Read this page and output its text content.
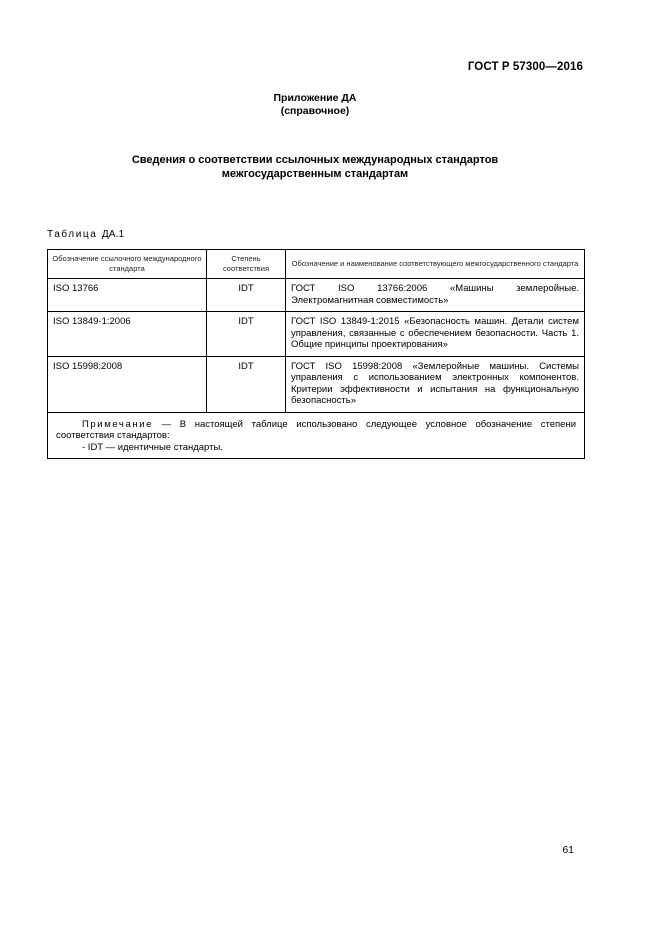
ГОСТ Р 57300—2016
Приложение ДА
(справочное)
Сведения о соответствии ссылочных международных стандартов
межгосударственным стандартам
Таблица ДА.1
Обозначение ссылочного международного стандарта	Степень соответствия	Обозначение и наименование соответствующего межгосударственного стандарта
ISO 13766	IDT	ГОСТ ISO 13766:2006 «Машины землеройные. Электромагнитная совместимость»
ISO 13849-1:2006	IDT	ГОСТ ISO 13849-1:2015 «Безопасность машин. Детали систем управления, связанные с обеспечением безопасности. Часть 1. Общие принципы проектирования»
ISO 15998:2008	IDT	ГОСТ ISO 15998:2008 «Землеройные машины. Системы управления с использованием электронных компонентов. Критерии эффективности и испытания на функциональную безопасность»
Примечание — В настоящей таблице использовано следующее условное обозначение степени соответствия стандартов:
- IDT — идентичные стандарты.		
61
